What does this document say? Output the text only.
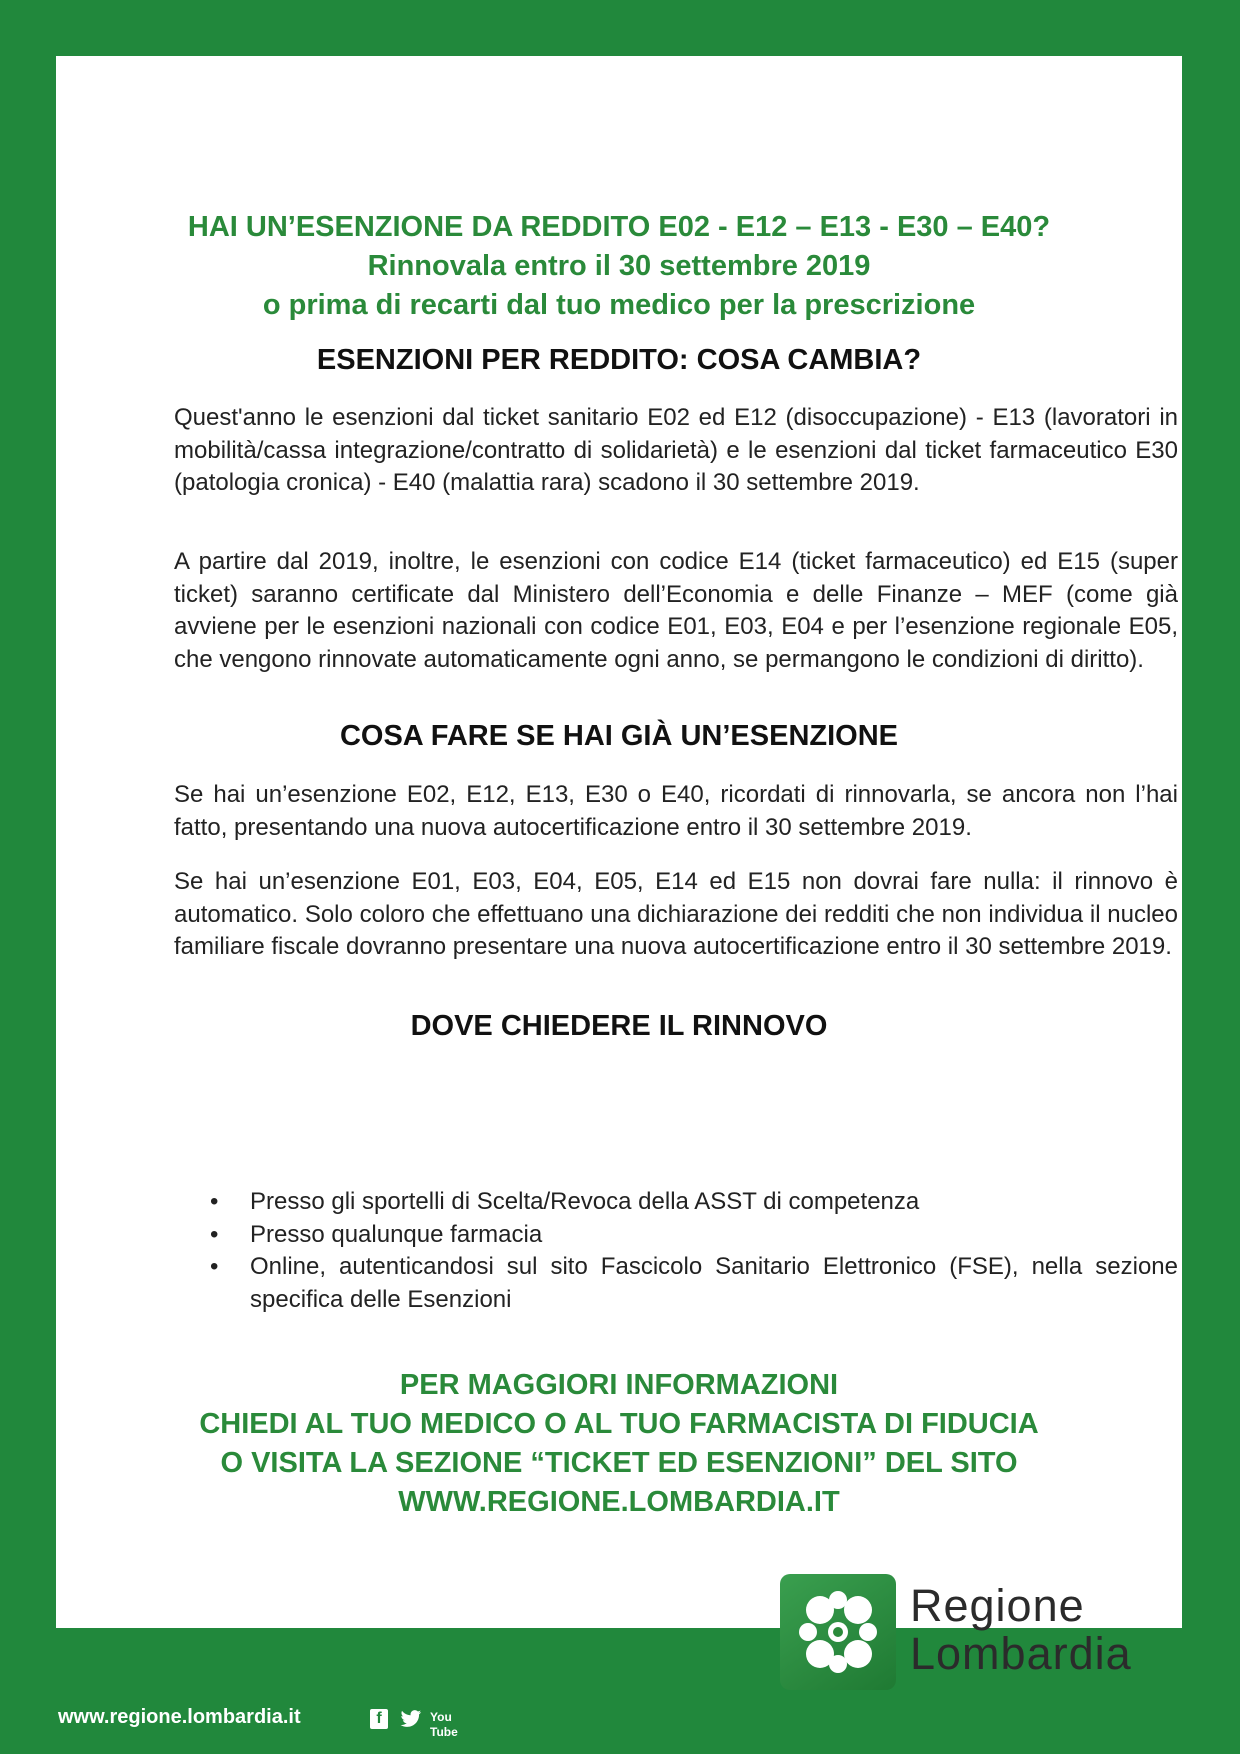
HAI UN’ESENZIONE DA REDDITO E02 - E12 – E13 - E30 – E40?
Rinnovala entro il 30 settembre 2019
o prima di recarti dal tuo medico per la prescrizione
ESENZIONI PER REDDITO: COSA CAMBIA?

Quest'anno le esenzioni dal ticket sanitario E02 ed E12 (disoccupazione) - E13 (lavoratori in mobilità/cassa integrazione/contratto di solidarietà) e le esenzioni dal ticket farmaceutico E30 (patologia cronica) - E40 (malattia rara) scadono il 30 settembre 2019.

A partire dal 2019, inoltre, le esenzioni con codice E14 (ticket farmaceutico) ed E15 (super ticket) saranno certificate dal Ministero dell’Economia e delle Finanze – MEF (come già avviene per le esenzioni nazionali con codice E01, E03, E04 e per l’esenzione regionale E05, che vengono rinnovate automaticamente ogni anno, se permangono le condizioni di diritto).

COSA FARE SE HAI GIÀ UN’ESENZIONE

Se hai un’esenzione E02, E12, E13, E30 o E40, ricordati di rinnovarla, se ancora non l’hai fatto, presentando una nuova autocertificazione entro il 30 settembre 2019.

Se hai un’esenzione E01, E03, E04, E05, E14 ed E15 non dovrai fare nulla: il rinnovo è automatico. Solo coloro che effettuano una dichiarazione dei redditi che non individua il nucleo familiare fiscale dovranno presentare una nuova autocertificazione entro il 30 settembre 2019.

DOVE CHIEDERE IL RINNOVO
• Presso gli sportelli di Scelta/Revoca della ASST di competenza
• Presso qualunque farmacia
• Online, autenticandosi sul sito Fascicolo Sanitario Elettronico (FSE), nella sezione specifica delle Esenzioni
PER MAGGIORI INFORMAZIONI
CHIEDI AL TUO MEDICO O AL TUO FARMACISTA DI FIDUCIA
O VISITA LA SEZIONE “TICKET ED ESENZIONI” DEL SITO
WWW.REGIONE.LOMBARDIA.IT
Regione
Lombardia
www.regione.lombardia.it	f	You Tube
